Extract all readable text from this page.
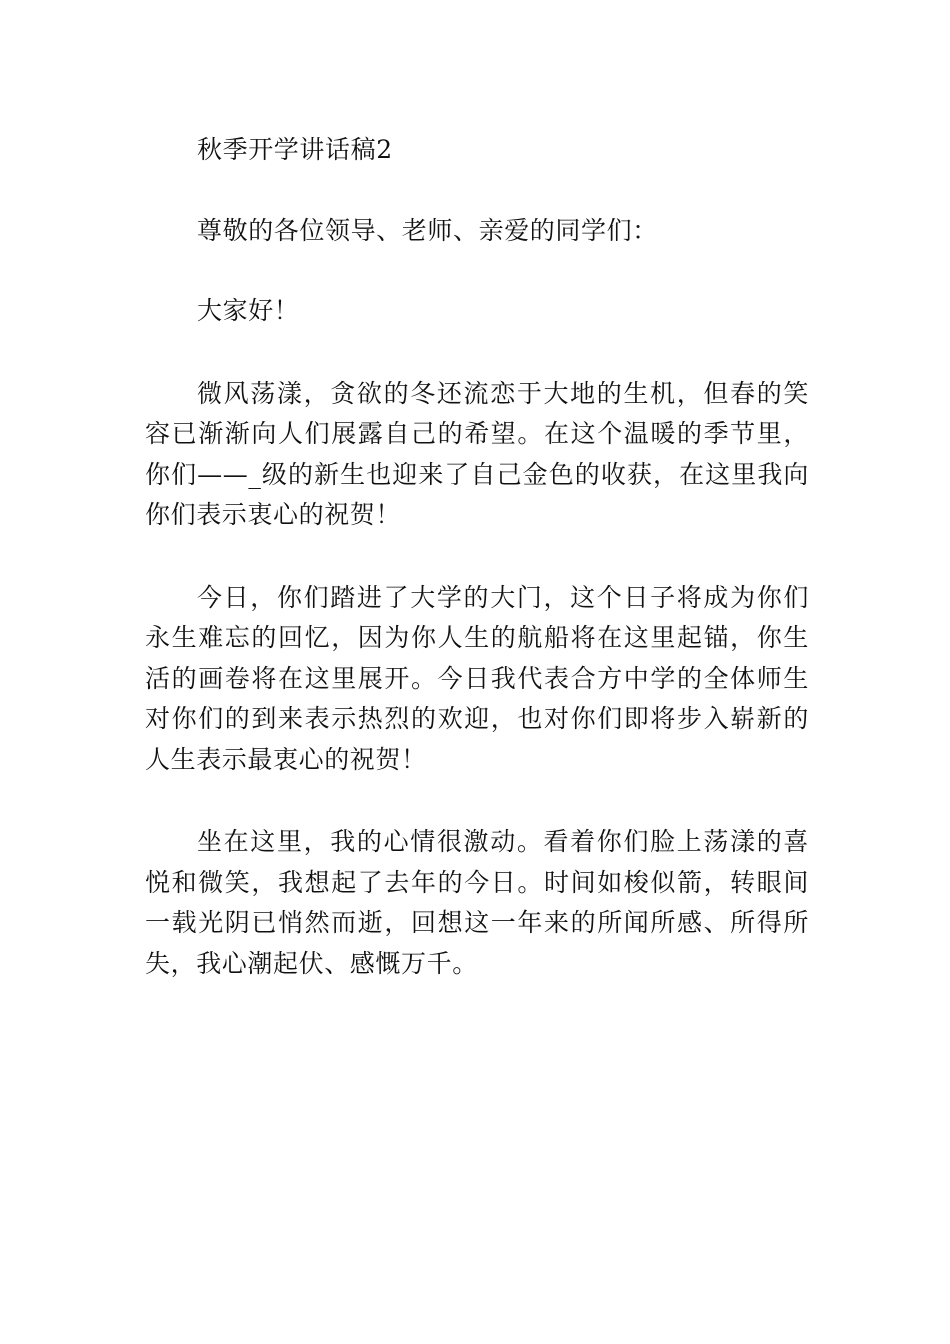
秋季开学讲话稿2

尊敬的各位领导、老师、亲爱的同学们：

大家好！

微风荡漾，贪欲的冬还流恋于大地的生机，但春的笑容已渐渐向人们展露自己的希望。在这个温暖的季节里，你们——_级的新生也迎来了自己金色的收获，在这里我向你们表示衷心的祝贺！

今日，你们踏进了大学的大门，这个日子将成为你们永生难忘的回忆，因为你人生的航船将在这里起锚，你生活的画卷将在这里展开。今日我代表合方中学的全体师生对你们的到来表示热烈的欢迎，也对你们即将步入崭新的人生表示最衷心的祝贺！

坐在这里，我的心情很激动。看着你们脸上荡漾的喜悦和微笑，我想起了去年的今日。时间如梭似箭，转眼间一载光阴已悄然而逝，回想这一年来的所闻所感、所得所失，我心潮起伏、感慨万千。
